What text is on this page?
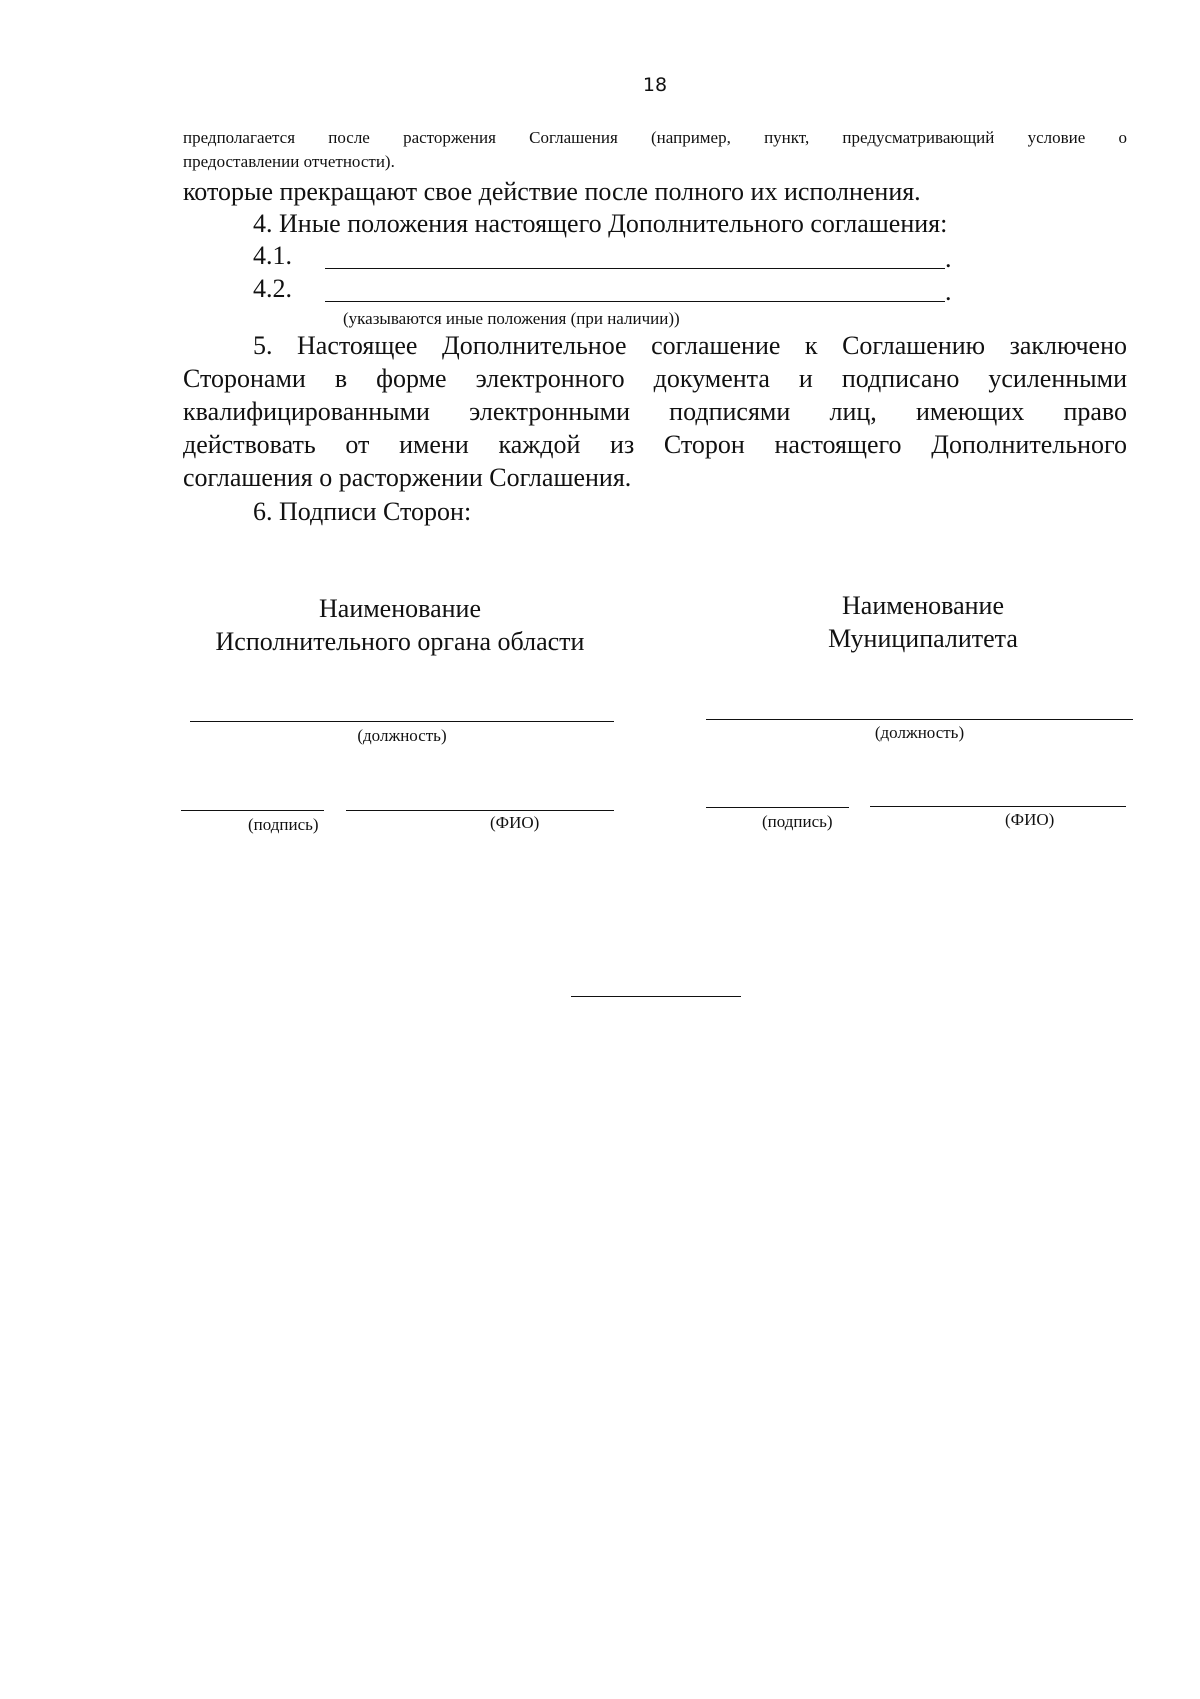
18
предполагается после расторжения Соглашения (например, пункт, предусматривающий условие о
предоставлении отчетности).
которые прекращают свое действие после полного их исполнения.
4. Иные положения настоящего Дополнительного соглашения:
4.1.	.
4.2.	.
(указываются иные положения (при наличии))
5. Настоящее Дополнительное соглашение к Соглашению заключено
Сторонами в форме электронного документа и подписано усиленными
квалифицированными электронными подписями лиц, имеющих право
действовать от имени каждой из Сторон настоящего Дополнительного
соглашения о расторжении Соглашения.
6. Подписи Сторон:
Наименование
Исполнительного органа области
(должность)
(подпись)	(ФИО)
Наименование
Муниципалитета
(должность)
(подпись)	(ФИО)
